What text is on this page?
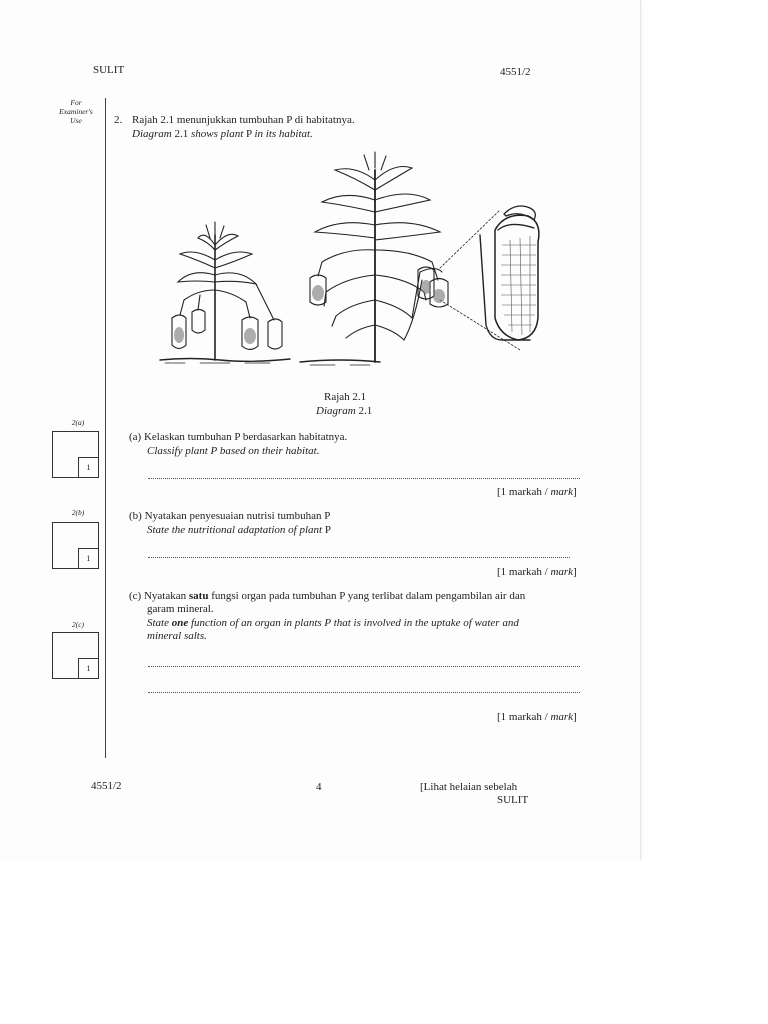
SULIT	4551/2
For
Examiner's
Use	2. Rajah 2.1 menunjukkan tumbuhan P di habitatnya.
Diagram 2.1 shows plant P in its habitat.
Rajah 2.1
Diagram 2.1
2(a)
1
(a) Kelaskan tumbuhan P berdasarkan habitatnya.
Classify plant P based on their habitat.
[1 markah / mark]
2(b)
1
(b) Nyatakan penyesuaian nutrisi tumbuhan P
State the nutritional adaptation of plant P
[1 markah / mark]
2(c)
1
(c) Nyatakan satu fungsi organ pada tumbuhan P yang terlibat dalam pengambilan air dan
garam mineral.
State one function of an organ in plants P that is involved in the uptake of water and
mineral salts.
[1 markah / mark]
4551/2	4	[Lihat helaian sebelah
SULIT
